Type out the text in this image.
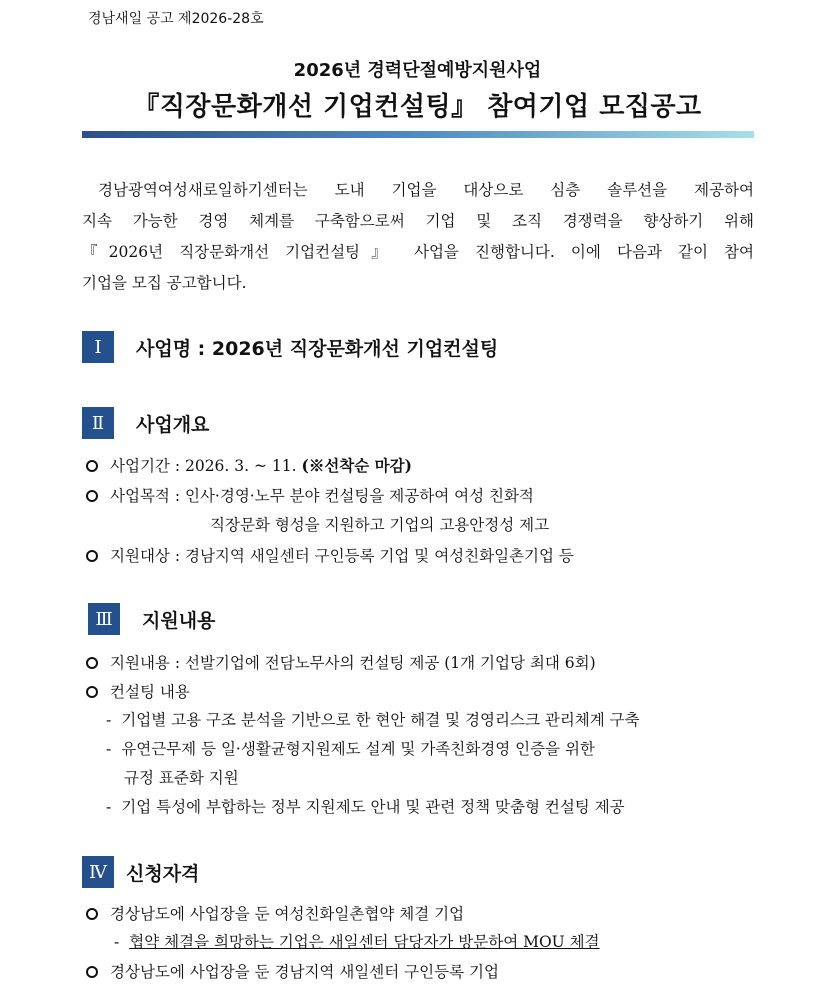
경남새일 공고 제2026-28호
2026년 경력단절예방지원사업
『직장문화개선 기업컨설팅』 참여기업 모집공고
경남광역여성새로일하기센터는 도내 기업을 대상으로 심층 솔루션을 제공하여
지속 가능한 경영 체계를 구축함으로써 기업 및 조직 경쟁력을 향상하기 위해
『2026년 직장문화개선 기업컨설팅』 사업을 진행합니다. 이에 다음과 같이 참여
기업을 모집 공고합니다.
Ⅰ	사업명 : 2026년 직장문화개선 기업컨설팅
Ⅱ	사업개요
사업기간 : 2026. 3. ~ 11. (※선착순 마감)
사업목적 : 인사·경영·노무 분야 컨설팅을 제공하여 여성 친화적
직장문화 형성을 지원하고 기업의 고용안정성 제고
지원대상 : 경남지역 새일센터 구인등록 기업 및 여성친화일촌기업 등
Ⅲ	지원내용
지원내용 : 선발기업에 전담노무사의 컨설팅 제공 (1개 기업당 최대 6회)
컨설팅 내용
- 기업별 고용 구조 분석을 기반으로 한 현안 해결 및 경영리스크 관리체계 구축
- 유연근무제 등 일·생활균형지원제도 설계 및 가족친화경영 인증을 위한
규정 표준화 지원
- 기업 특성에 부합하는 정부 지원제도 안내 및 관련 정책 맞춤형 컨설팅 제공
Ⅳ	신청자격
경상남도에 사업장을 둔 여성친화일촌협약 체결 기업
- 협약 체결을 희망하는 기업은 새일센터 담당자가 방문하여 MOU 체결
경상남도에 사업장을 둔 경남지역 새일센터 구인등록 기업
